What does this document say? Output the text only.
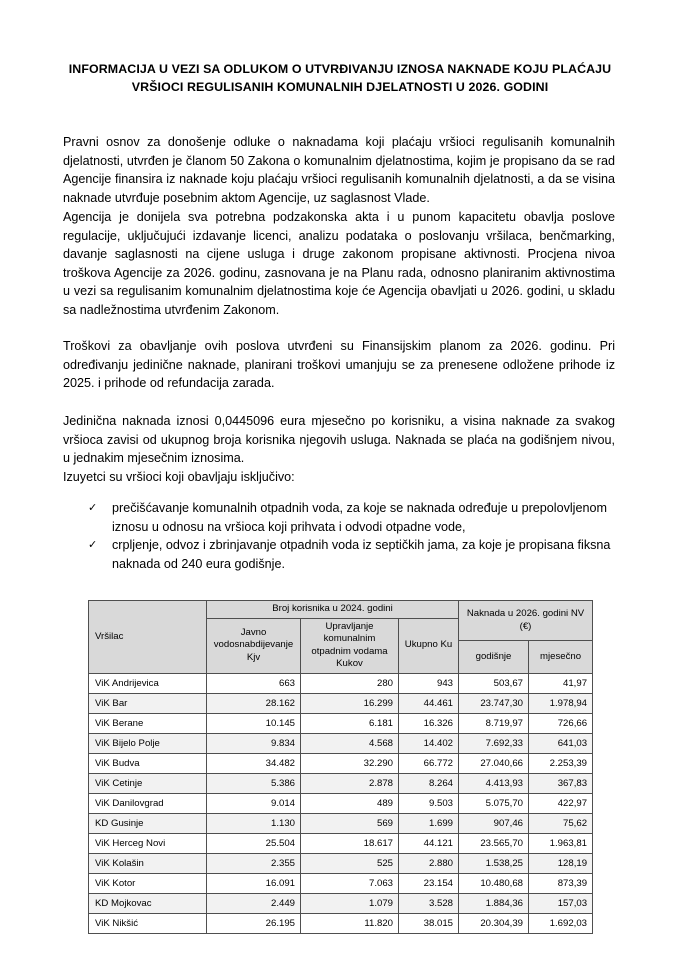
INFORMACIJA U VEZI SA ODLUKOM O UTVRĐIVANJU IZNOSA NAKNADE KOJU PLAĆAJU VRŠIOCI REGULISANIH KOMUNALNIH DJELATNOSTI U 2026. GODINI

Pravni osnov za donošenje odluke o naknadama koji plaćaju vršioci regulisanih komunalnih djelatnosti, utvrđen je članom 50 Zakona o komunalnim djelatnostima, kojim je propisano da se rad Agencije finansira iz naknade koju plaćaju vršioci regulisanih komunalnih djelatnosti, a da se visina naknade utvrđuje posebnim aktom Agencije, uz saglasnost Vlade.

Agencija je donijela sva potrebna podzakonska akta i u punom kapacitetu obavlja poslove regulacije, uključujući izdavanje licenci, analizu podataka o poslovanju vršilaca, benčmarking, davanje saglasnosti na cijene usluga i druge zakonom propisane aktivnosti. Procjena nivoa troškova Agencije za 2026. godinu, zasnovana je na Planu rada, odnosno planiranim aktivnostima u vezi sa regulisanim komunalnim djelatnostima koje će Agencija obavljati u 2026. godini, u skladu sa nadležnostima utvrđenim Zakonom.

Troškovi za obavljanje ovih poslova utvrđeni su Finansijskim planom za 2026. godinu. Pri određivanju jedinične naknade, planirani troškovi umanjuju se za prenesene odložene prihode iz 2025. i prihode od refundacija zarada.

Jedinična naknada iznosi 0,0445096 eura mjesečno po korisniku, a visina naknade za svakog vršioca zavisi od ukupnog broja korisnika njegovih usluga. Naknada se plaća na godišnjem nivou, u jednakim mjesečnim iznosima.

Izuyetci su vršioci koji obavljaju isključivo:

✓ prečišćavanje komunalnih otpadnih voda, za koje se naknada određuje u prepolovljenom iznosu u odnosu na vršioca koji prihvata i odvodi otpadne vode,
✓ crpljenje, odvoz i zbrinjavanje otpadnih voda iz septičkih jama, za koje je propisana fiksna naknada od 240 eura godišnje.
Vršilac	Broj korisnika u 2024. godini			Naknada u 2026. godini NV (€)	
	Javno vodosnabdijevanje Kjv	Upravljanje komunalnim otpadnim vodama Kukov	Ukupno Ku		
				godišnje	mjesečno
ViK Andrijevica	663	280	943	503,67	41,97
ViK Bar	28.162	16.299	44.461	23.747,30	1.978,94
ViK Berane	10.145	6.181	16.326	8.719,97	726,66
ViK Bijelo Polje	9.834	4.568	14.402	7.692,33	641,03
ViK Budva	34.482	32.290	66.772	27.040,66	2.253,39
ViK Cetinje	5.386	2.878	8.264	4.413,93	367,83
ViK Danilovgrad	9.014	489	9.503	5.075,70	422,97
KD Gusinje	1.130	569	1.699	907,46	75,62
ViK Herceg Novi	25.504	18.617	44.121	23.565,70	1.963,81
ViK Kolašin	2.355	525	2.880	1.538,25	128,19
ViK Kotor	16.091	7.063	23.154	10.480,68	873,39
KD Mojkovac	2.449	1.079	3.528	1.884,36	157,03
ViK Nikšić	26.195	11.820	38.015	20.304,39	1.692,03
